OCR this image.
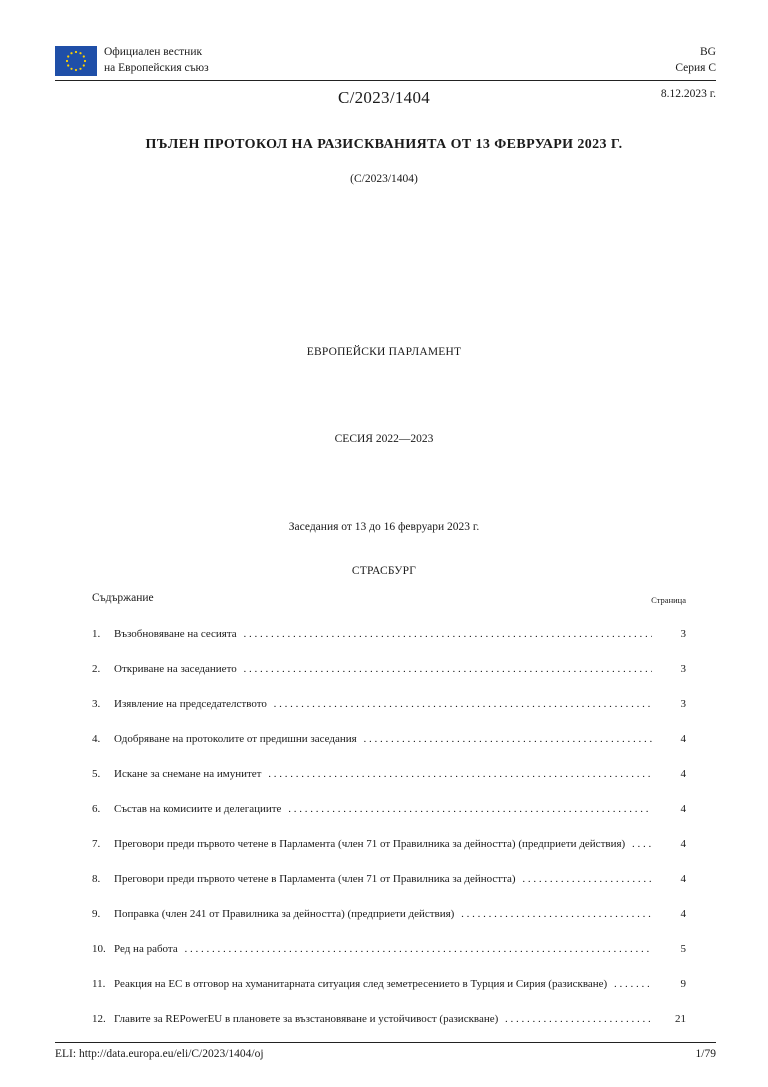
Официален вестник
на Европейския съюз
BG
Серия C
C/2023/1404	8.12.2023 г.
ПЪЛЕН ПРОТОКОЛ НА РАЗИСКВАНИЯТА ОТ 13 ФЕВРУАРИ 2023 Г.
(C/2023/1404)
ЕВРОПЕЙСКИ ПАРЛАМЕНТ
СЕСИЯ 2022—2023
Заседания от 13 до 16 февруари 2023 г.
СТРАСБУРГ
Съдържание	Страница
1.	Възобновяване на сесията . . .	3
2.	Откриване на заседанието . . .	3
3.	Изявление на председателството . . .	3
4.	Одобряване на протоколите от предишни заседания . . .	4
5.	Искане за снемане на имунитет . . .	4
6.	Състав на комисиите и делегациите . . .	4
7.	Преговори преди първото четене в Парламента (член 71 от Правилника за дейността) (предприети действия) . . .	4
8.	Преговори преди първото четене в Парламента (член 71 от Правилника за дейността) . . .	4
9.	Поправка (член 241 от Правилника за дейността) (предприети действия) . . .	4
10. Ред на работа . . .	5
11. Реакция на ЕС в отговор на хуманитарната ситуация след земетресението в Турция и Сирия (разискване) . . .	9
12. Главите за REPowerEU в плановете за възстановяване и устойчивост (разискване) . . .	21
ELI: http://data.europa.eu/eli/C/2023/1404/oj	1/79
